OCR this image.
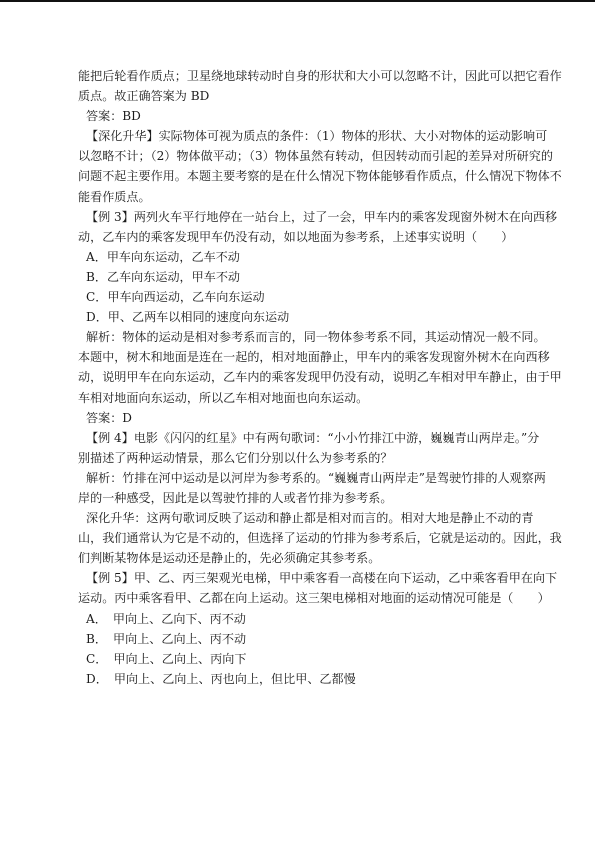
能把后轮看作质点；卫星绕地球转动时自身的形状和大小可以忽略不计，因此可以把它看作
质点。故正确答案为 BD
答案：BD
【深化升华】实际物体可视为质点的条件：（1）物体的形状、大小对物体的运动影响可
以忽略不计；（2）物体做平动；（3）物体虽然有转动，但因转动而引起的差异对所研究的
问题不起主要作用。本题主要考察的是在什么情况下物体能够看作质点，什么情况下物体不
能看作质点。
【例 3】两列火车平行地停在一站台上，过了一会，甲车内的乘客发现窗外树木在向西移
动，乙车内的乘客发现甲车仍没有动，如以地面为参考系，上述事实说明（　　）
A．甲车向东运动，乙车不动
B．乙车向东运动，甲车不动
C．甲车向西运动，乙车向东运动
D．甲、乙两车以相同的速度向东运动
解析：物体的运动是相对参考系而言的，同一物体参考系不同，其运动情况一般不同。
本题中，树木和地面是连在一起的，相对地面静止，甲车内的乘客发现窗外树木在向西移
动，说明甲车在向东运动，乙车内的乘客发现甲仍没有动，说明乙车相对甲车静止，由于甲
车相对地面向东运动，所以乙车相对地面也向东运动。
答案：D
【例 4】电影《闪闪的红星》中有两句歌词：“小小竹排江中游，巍巍青山两岸走。”分
别描述了两种运动情景，那么它们分别以什么为参考系的？
解析：竹排在河中运动是以河岸为参考系的。“巍巍青山两岸走”是驾驶竹排的人观察两
岸的一种感受，因此是以驾驶竹排的人或者竹排为参考系。
深化升华：这两句歌词反映了运动和静止都是相对而言的。相对大地是静止不动的青
山，我们通常认为它是不动的，但选择了运动的竹排为参考系后，它就是运动的。因此，我
们判断某物体是运动还是静止的，先必须确定其参考系。
【例 5】甲、乙、丙三架观光电梯，甲中乘客看一高楼在向下运动，乙中乘客看甲在向下
运动。丙中乘客看甲、乙都在向上运动。这三架电梯相对地面的运动情况可能是（　　）
A．　甲向上、乙向下、丙不动
B．　甲向上、乙向上、丙不动
C．　甲向上、乙向上、丙向下
D．　甲向上、乙向上、丙也向上，但比甲、乙都慢
